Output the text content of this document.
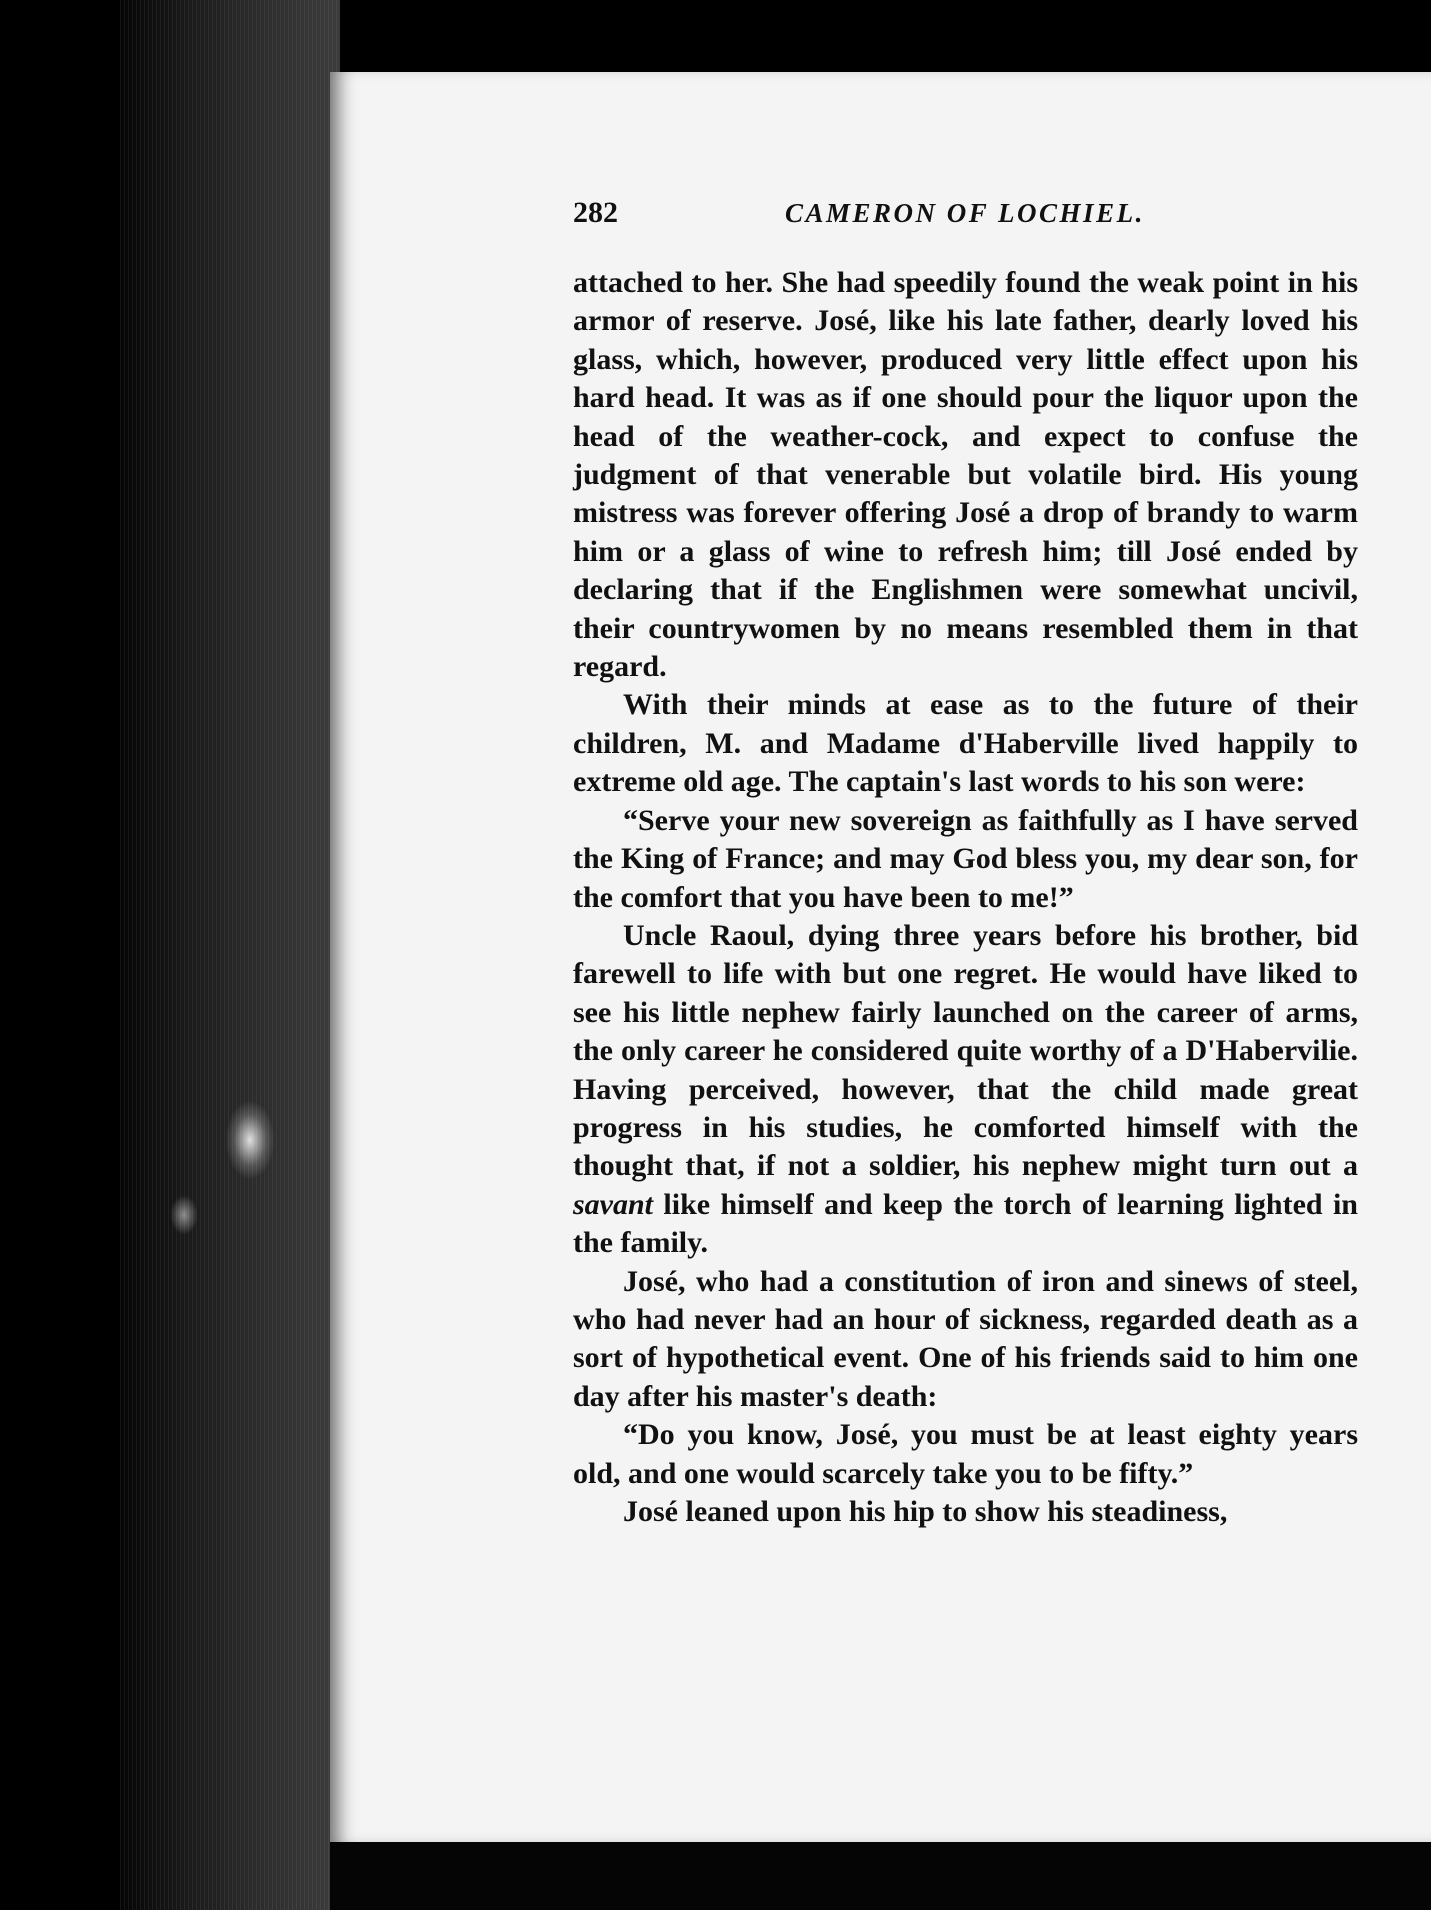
282	CAMERON OF LOCHIEL.

attached to her. She had speedily found the weak point in his armor of reserve. José, like his late father, dearly loved his glass, which, however, produced very little effect upon his hard head. It was as if one should pour the liquor upon the head of the weather-cock, and expect to confuse the judgment of that venerable but volatile bird. His young mistress was forever offering José a drop of brandy to warm him or a glass of wine to refresh him; till José ended by declaring that if the Englishmen were somewhat uncivil, their countrywomen by no means resembled them in that regard.

With their minds at ease as to the future of their children, M. and Madame d'Haberville lived happily to extreme old age. The captain's last words to his son were:

“Serve your new sovereign as faithfully as I have served the King of France; and may God bless you, my dear son, for the comfort that you have been to me!”

Uncle Raoul, dying three years before his brother, bid farewell to life with but one regret. He would have liked to see his little nephew fairly launched on the career of arms, the only career he considered quite worthy of a D'Habervilie. Having perceived, however, that the child made great progress in his studies, he comforted himself with the thought that, if not a soldier, his nephew might turn out a savant like himself and keep the torch of learning lighted in the family.

José, who had a constitution of iron and sinews of steel, who had never had an hour of sickness, regarded death as a sort of hypothetical event. One of his friends said to him one day after his master's death:

“Do you know, José, you must be at least eighty years old, and one would scarcely take you to be fifty.”

José leaned upon his hip to show his steadiness,
